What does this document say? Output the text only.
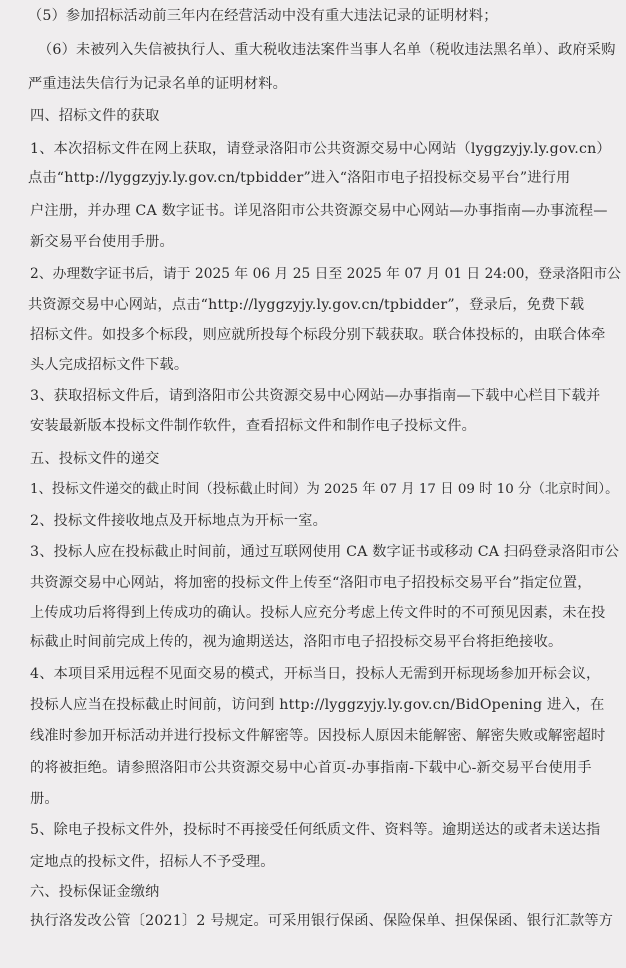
（5）参加招标活动前三年内在经营活动中没有重大违法记录的证明材料；
（6）未被列入失信被执行人、重大税收违法案件当事人名单（税收违法黑名单）、政府采购
严重违法失信行为记录名单的证明材料。
四、招标文件的获取
1、本次招标文件在网上获取，请登录洛阳市公共资源交易中心网站（lyggzyjy.ly.gov.cn）
点击“http://lyggzyjy.ly.gov.cn/tpbidder”进入“洛阳市电子招投标交易平台”进行用
户注册，并办理 CA 数字证书。详见洛阳市公共资源交易中心网站—办事指南—办事流程—
新交易平台使用手册。
2、办理数字证书后，请于 2025 年 06 月 25 日至 2025 年 07 月 01 日 24:00，登录洛阳市公
共资源交易中心网站，点击“http://lyggzyjy.ly.gov.cn/tpbidder”，登录后，免费下载
招标文件。如投多个标段，则应就所投每个标段分别下载获取。联合体投标的，由联合体牵
头人完成招标文件下载。
3、获取招标文件后，请到洛阳市公共资源交易中心网站—办事指南—下载中心栏目下载并
安装最新版本投标文件制作软件，查看招标文件和制作电子投标文件。
五、投标文件的递交
1、投标文件递交的截止时间（投标截止时间）为 2025 年 07 月 17 日 09 时 10 分（北京时间）。
2、投标文件接收地点及开标地点为开标一室。
3、投标人应在投标截止时间前，通过互联网使用 CA 数字证书或移动 CA 扫码登录洛阳市公
共资源交易中心网站，将加密的投标文件上传至“洛阳市电子招投标交易平台”指定位置，
上传成功后将得到上传成功的确认。投标人应充分考虑上传文件时的不可预见因素，未在投
标截止时间前完成上传的，视为逾期送达，洛阳市电子招投标交易平台将拒绝接收。
4、本项目采用远程不见面交易的模式，开标当日，投标人无需到开标现场参加开标会议，
投标人应当在投标截止时间前，访问到 http://lyggzyjy.ly.gov.cn/BidOpening 进入，在
线准时参加开标活动并进行投标文件解密等。因投标人原因未能解密、解密失败或解密超时
的将被拒绝。请参照洛阳市公共资源交易中心首页-办事指南-下载中心-新交易平台使用手
册。
5、除电子投标文件外，投标时不再接受任何纸质文件、资料等。逾期送达的或者未送达指
定地点的投标文件，招标人不予受理。
六、投标保证金缴纳
执行洛发改公管〔2021〕2 号规定。可采用银行保函、保险保单、担保保函、银行汇款等方
